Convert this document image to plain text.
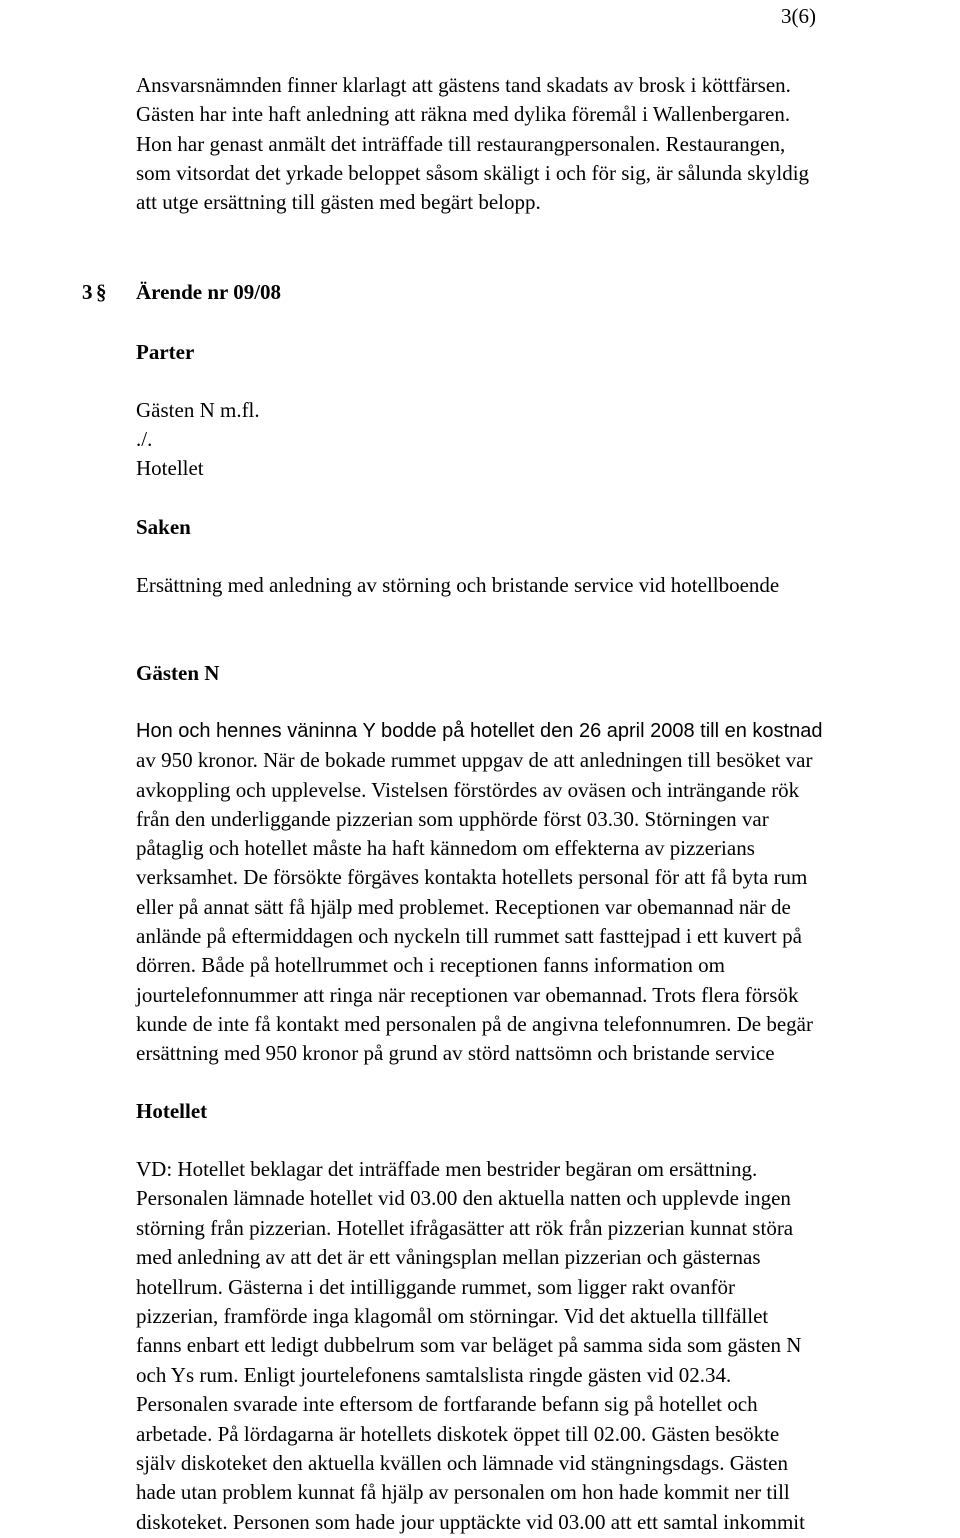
3(6)
Ansvarsnämnden finner klarlagt att gästens tand skadats av brosk i köttfärsen.
Gästen har inte haft anledning att räkna med dylika föremål i Wallenbergaren.
Hon har genast anmält det inträffade till restaurangpersonalen. Restaurangen,
som vitsordat det yrkade beloppet såsom skäligt i och för sig, är sålunda skyldig
att utge ersättning till gästen med begärt belopp.
3 § Ärende nr 09/08
Parter
Gästen N m.fl.
./.
Hotellet
Saken
Ersättning med anledning av störning och bristande service vid hotellboende
Gästen N
Hon och hennes väninna Y bodde på hotellet den 26 april 2008 till en kostnad
av 950 kronor. När de bokade rummet uppgav de att anledningen till besöket var
avkoppling och upplevelse. Vistelsen förstördes av oväsen och inträngande rök
från den underliggande pizzerian som upphörde först 03.30. Störningen var
påtaglig och hotellet måste ha haft kännedom om effekterna av pizzerians
verksamhet. De försökte förgäves kontakta hotellets personal för att få byta rum
eller på annat sätt få hjälp med problemet. Receptionen var obemannad när de
anlände på eftermiddagen och nyckeln till rummet satt fasttejpad i ett kuvert på
dörren. Både på hotellrummet och i receptionen fanns information om
jourtelefonnummer att ringa när receptionen var obemannad. Trots flera försök
kunde de inte få kontakt med personalen på de angivna telefonnumren. De begär
ersättning med 950 kronor på grund av störd nattsömn och bristande service
Hotellet
VD: Hotellet beklagar det inträffade men bestrider begäran om ersättning.
Personalen lämnade hotellet vid 03.00 den aktuella natten och upplevde ingen
störning från pizzerian. Hotellet ifrågasätter att rök från pizzerian kunnat störa
med anledning av att det är ett våningsplan mellan pizzerian och gästernas
hotellrum. Gästerna i det intilliggande rummet, som ligger rakt ovanför
pizzerian, framförde inga klagomål om störningar. Vid det aktuella tillfället
fanns enbart ett ledigt dubbelrum som var beläget på samma sida som gästen N
och Ys rum. Enligt jourtelefonens samtalslista ringde gästen vid 02.34.
Personalen svarade inte eftersom de fortfarande befann sig på hotellet och
arbetade. På lördagarna är hotellets diskotek öppet till 02.00. Gästen besökte
själv diskoteket den aktuella kvällen och lämnade vid stängningsdags. Gästen
hade utan problem kunnat få hjälp av personalen om hon hade kommit ner till
diskoteket. Personen som hade jour upptäckte vid 03.00 att ett samtal inkommit
